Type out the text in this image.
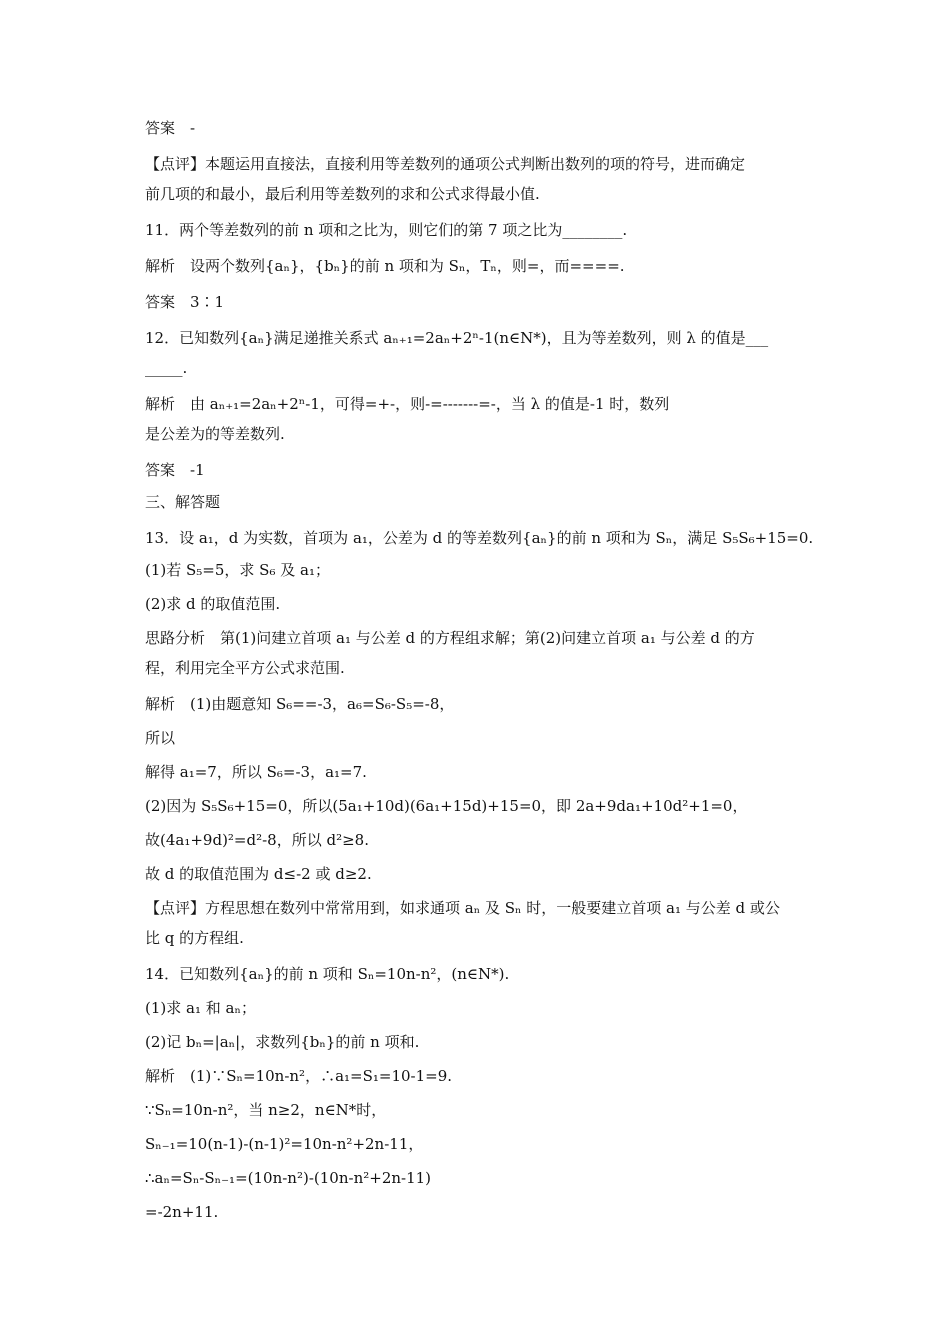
答案　-
【点评】本题运用直接法，直接利用等差数列的通项公式判断出数列的项的符号，进而确定
前几项的和最小，最后利用等差数列的求和公式求得最小值.
11．两个等差数列的前 n 项和之比为，则它们的第 7 项之比为________.
解析　设两个数列{aₙ}，{bₙ}的前 n 项和为 Sₙ，Tₙ，则=，而====.
答案　3∶1
12．已知数列{aₙ}满足递推关系式 aₙ₊₁=2aₙ+2ⁿ-1(n∈N*)，且为等差数列，则 λ 的值是___
_____.
解析　由 aₙ₊₁=2aₙ+2ⁿ-1，可得=+-，则-=-------=-，当 λ 的值是-1 时，数列
是公差为的等差数列.
答案　-1
三、解答题
13．设 a₁，d 为实数，首项为 a₁，公差为 d 的等差数列{aₙ}的前 n 项和为 Sₙ，满足 S₅S₆+15=0.
(1)若 S₅=5，求 S₆ 及 a₁；
(2)求 d 的取值范围.
思路分析　第(1)问建立首项 a₁ 与公差 d 的方程组求解；第(2)问建立首项 a₁ 与公差 d 的方
程，利用完全平方公式求范围.
解析　(1)由题意知 S₆==-3，a₆=S₆-S₅=-8，
所以
解得 a₁=7，所以 S₆=-3，a₁=7.
(2)因为 S₅S₆+15=0，所以(5a₁+10d)(6a₁+15d)+15=0，即 2a+9da₁+10d²+1=0，
故(4a₁+9d)²=d²-8，所以 d²≥8.
故 d 的取值范围为 d≤-2 或 d≥2.
【点评】方程思想在数列中常常用到，如求通项 aₙ 及 Sₙ 时，一般要建立首项 a₁ 与公差 d 或公
比 q 的方程组.
14．已知数列{aₙ}的前 n 项和 Sₙ=10n-n²，(n∈N*).
(1)求 a₁ 和 aₙ；
(2)记 bₙ=|aₙ|，求数列{bₙ}的前 n 项和.
解析　(1)∵Sₙ=10n-n²，∴a₁=S₁=10-1=9.
∵Sₙ=10n-n²，当 n≥2，n∈N*时，
Sₙ₋₁=10(n-1)-(n-1)²=10n-n²+2n-11，
∴aₙ=Sₙ-Sₙ₋₁=(10n-n²)-(10n-n²+2n-11)
=-2n+11.
